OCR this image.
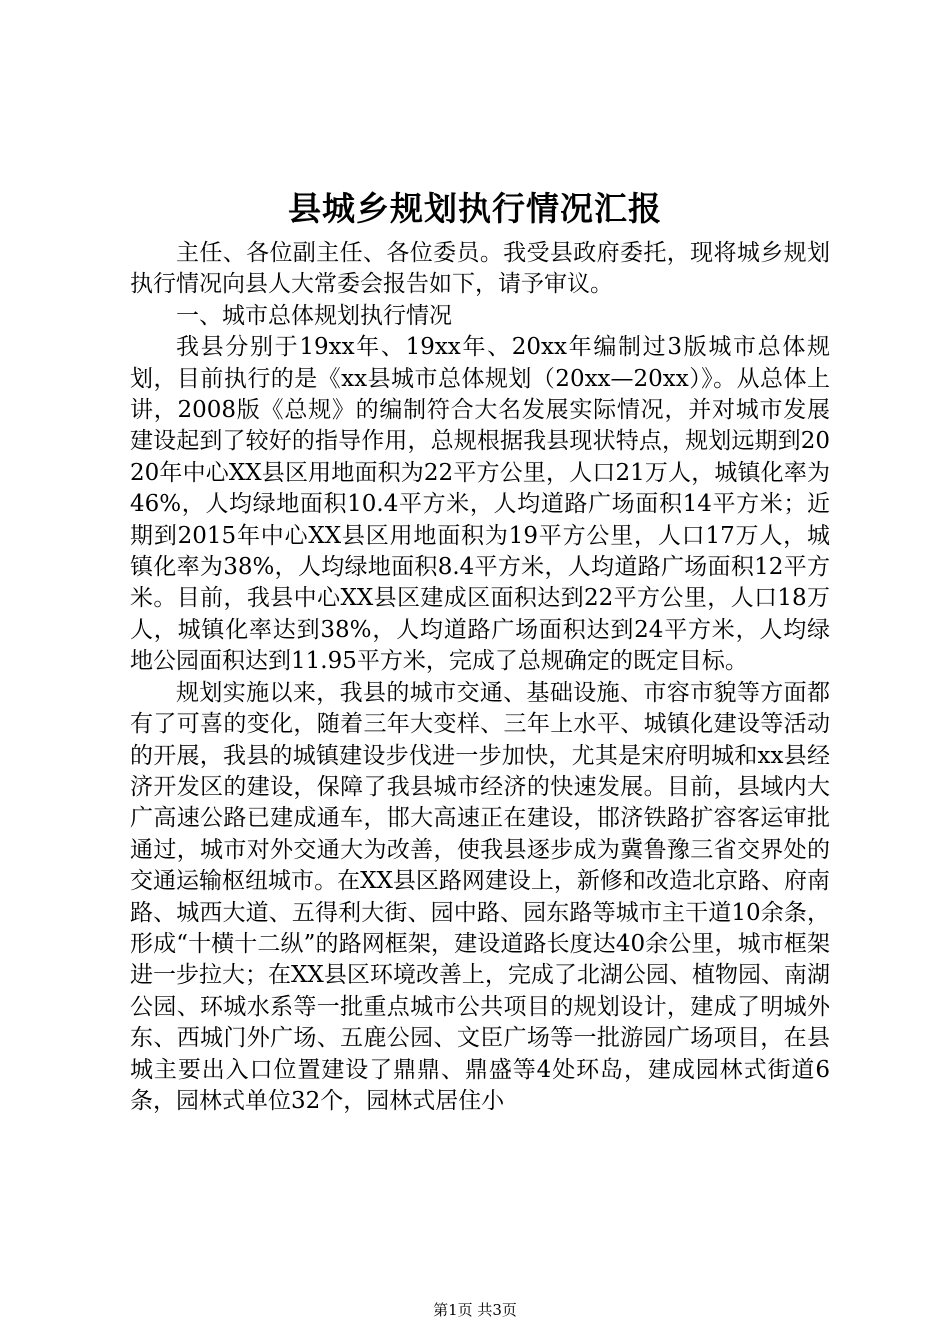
县城乡规划执行情况汇报

主任、各位副主任、各位委员。我受县政府委托，现将城乡规划执行情况向县人大常委会报告如下，请予审议。

一、城市总体规划执行情况

我县分别于19xx年、19xx年、20xx年编制过3版城市总体规划，目前执行的是《xx县城市总体规划（20xx—20xx）》。从总体上讲，2008版《总规》的编制符合大名发展实际情况，并对城市发展建设起到了较好的指导作用，总规根据我县现状特点，规划远期到2020年中心XX县区用地面积为22平方公里，人口21万人，城镇化率为46%，人均绿地面积10.4平方米，人均道路广场面积14平方米；近期到2015年中心XX县区用地面积为19平方公里，人口17万人，城镇化率为38%，人均绿地面积8.4平方米，人均道路广场面积12平方米。目前，我县中心XX县区建成区面积达到22平方公里，人口18万人，城镇化率达到38%，人均道路广场面积达到24平方米，人均绿地公园面积达到11.95平方米，完成了总规确定的既定目标。

规划实施以来，我县的城市交通、基础设施、市容市貌等方面都有了可喜的变化，随着三年大变样、三年上水平、城镇化建设等活动的开展，我县的城镇建设步伐进一步加快，尤其是宋府明城和xx县经济开发区的建设，保障了我县城市经济的快速发展。目前，县域内大广高速公路已建成通车，邯大高速正在建设，邯济铁路扩容客运审批通过，城市对外交通大为改善，使我县逐步成为冀鲁豫三省交界处的交通运输枢纽城市。在XX县区路网建设上，新修和改造北京路、府南路、城西大道、五得利大街、园中路、园东路等城市主干道10余条，形成“十横十二纵”的路网框架，建设道路长度达40余公里，城市框架进一步拉大；在XX县区环境改善上，完成了北湖公园、植物园、南湖公园、环城水系等一批重点城市公共项目的规划设计，建成了明城外东、西城门外广场、五鹿公园、文臣广场等一批游园广场项目，在县城主要出入口位置建设了鼎鼎、鼎盛等4处环岛，建成园林式街道6条，园林式单位32个，园林式居住小

第1页 共3页
